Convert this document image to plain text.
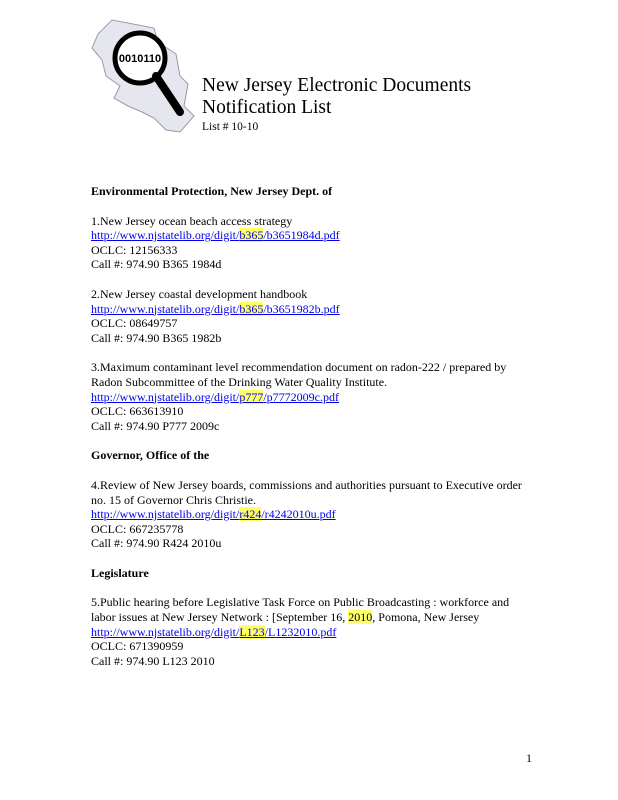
0010110
New Jersey Electronic Documents
Notification List
List # 10-10

Environmental Protection, New Jersey Dept. of

1.New Jersey ocean beach access strategy

http://www.njstatelib.org/digit/b365/b3651984d.pdf

OCLC: 12156333

Call #: 974.90 B365 1984d

2.New Jersey coastal development handbook

http://www.njstatelib.org/digit/b365/b3651982b.pdf

OCLC: 08649757

Call #: 974.90 B365 1982b

3.Maximum contaminant level recommendation document on radon-222 / prepared by

Radon Subcommittee of the Drinking Water Quality Institute.

http://www.njstatelib.org/digit/p777/p7772009c.pdf

OCLC: 663613910

Call #: 974.90 P777 2009c

Governor, Office of the

4.Review of New Jersey boards, commissions and authorities pursuant to Executive order

no. 15 of Governor Chris Christie.

http://www.njstatelib.org/digit/r424/r4242010u.pdf

OCLC: 667235778

Call #: 974.90 R424 2010u

Legislature

5.Public hearing before Legislative Task Force on Public Broadcasting : workforce and

labor issues at New Jersey Network : [September 16, 2010, Pomona, New Jersey

http://www.njstatelib.org/digit/L123/L1232010.pdf

OCLC: 671390959

Call #: 974.90 L123 2010

1
